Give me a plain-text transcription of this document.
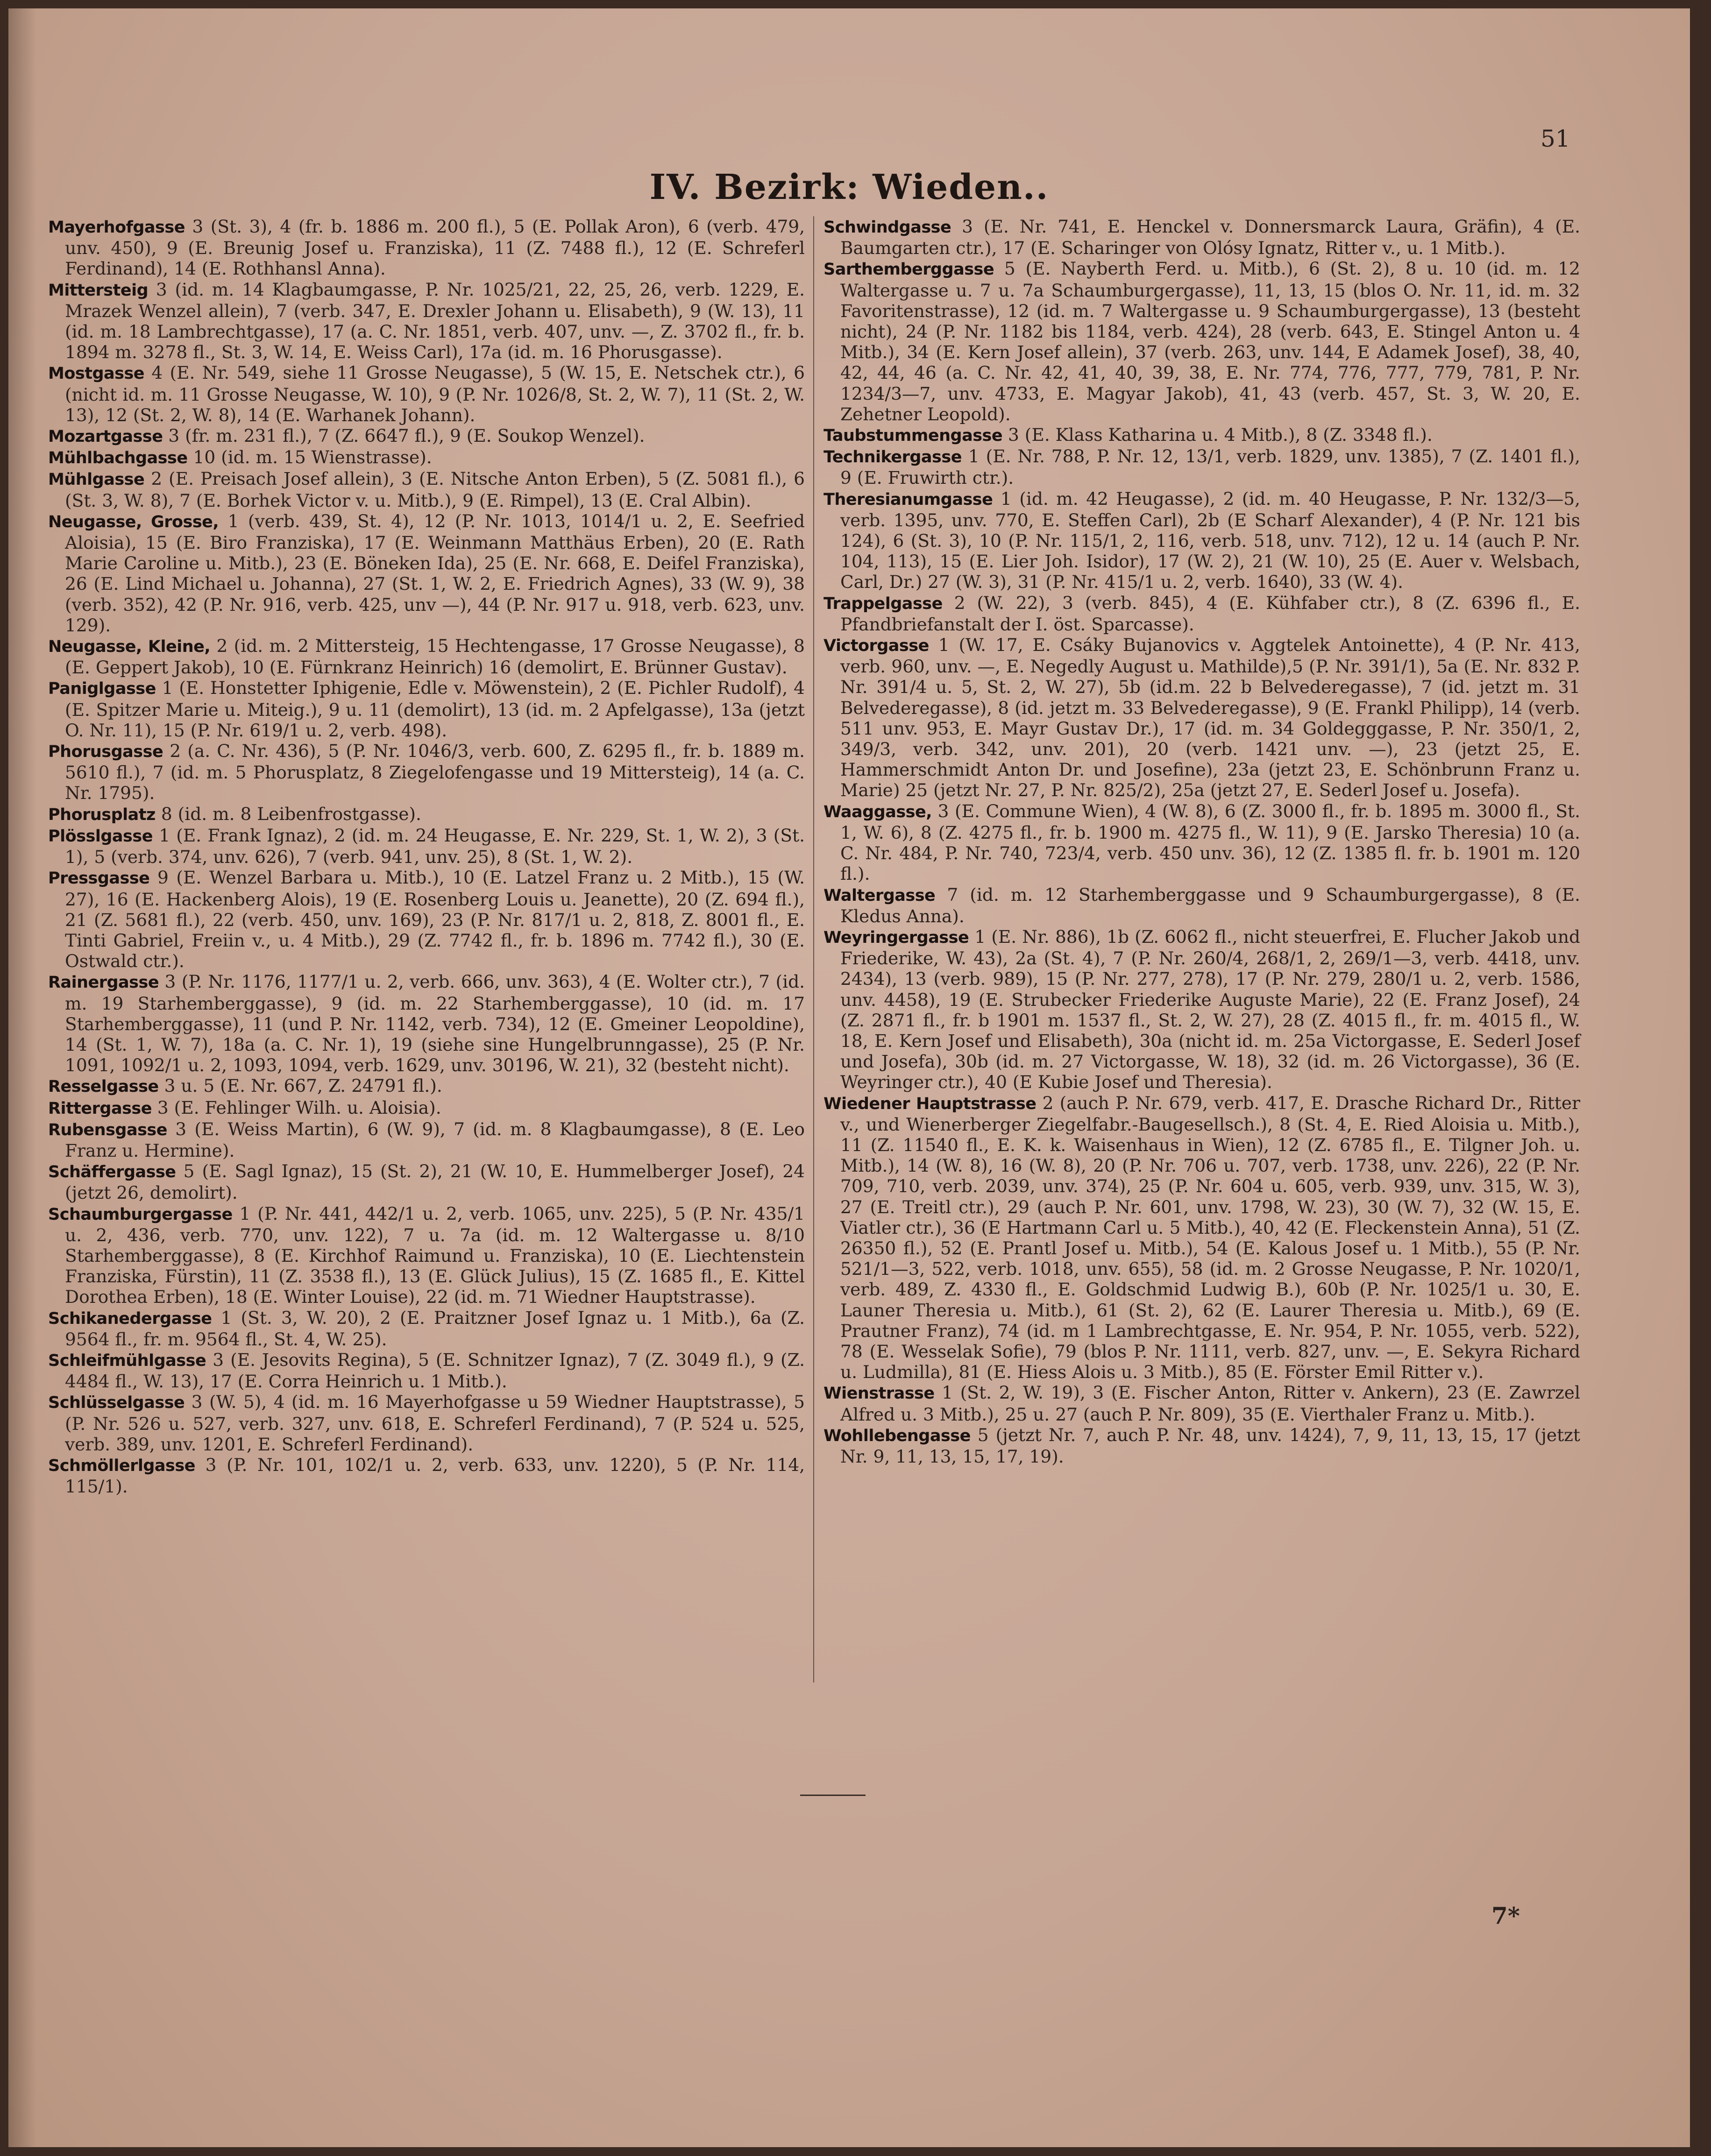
51
IV. Bezirk: Wieden..
Mayerhofgasse 3 (St. 3), 4 (fr. b. 1886 m. 200 fl.), 5 (E. Pollak Aron), 6 (verb. 479, unv. 450), 9 (E. Breunig Josef u. Franziska), 11 (Z. 7488 fl.), 12 (E. Schreferl Ferdinand), 14 (E. Rothhansl Anna).
Mittersteig 3 (id. m. 14 Klagbaumgasse, P. Nr. 1025/21, 22, 25, 26, verb. 1229, E. Mrazek Wenzel allein), 7 (verb. 347, E. Drexler Johann u. Elisabeth), 9 (W. 13), 11 (id. m. 18 Lambrechtgasse), 17 (a. C. Nr. 1851, verb. 407, unv. —, Z. 3702 fl., fr. b. 1894 m. 3278 fl., St. 3, W. 14, E. Weiss Carl), 17a (id. m. 16 Phorusgasse).
Mostgasse 4 (E. Nr. 549, siehe 11 Grosse Neugasse), 5 (W. 15, E. Netschek ctr.), 6 (nicht id. m. 11 Grosse Neugasse, W. 10), 9 (P. Nr. 1026/8, St. 2, W. 7), 11 (St. 2, W. 13), 12 (St. 2, W. 8), 14 (E. Warhanek Johann).
Mozartgasse 3 (fr. m. 231 fl.), 7 (Z. 6647 fl.), 9 (E. Soukop Wenzel).
Mühlbachgasse 10 (id. m. 15 Wienstrasse).
Mühlgasse 2 (E. Preisach Josef allein), 3 (E. Nitsche Anton Erben), 5 (Z. 5081 fl.), 6 (St. 3, W. 8), 7 (E. Borhek Victor v. u. Mitb.), 9 (E. Rimpel), 13 (E. Cral Albin).
Neugasse, Grosse, 1 (verb. 439, St. 4), 12 (P. Nr. 1013, 1014/1 u. 2, E. Seefried Aloisia), 15 (E. Biro Franziska), 17 (E. Weinmann Matthäus Erben), 20 (E. Rath Marie Caroline u. Mitb.), 23 (E. Böneken Ida), 25 (E. Nr. 668, E. Deifel Franziska), 26 (E. Lind Michael u. Johanna), 27 (St. 1, W. 2, E. Friedrich Agnes), 33 (W. 9), 38 (verb. 352), 42 (P. Nr. 916, verb. 425, unv —), 44 (P. Nr. 917 u. 918, verb. 623, unv. 129).
Neugasse, Kleine, 2 (id. m. 2 Mittersteig, 15 Hechtengasse, 17 Grosse Neugasse), 8 (E. Geppert Jakob), 10 (E. Fürnkranz Heinrich) 16 (demolirt, E. Brünner Gustav).
Paniglgasse 1 (E. Honstetter Iphigenie, Edle v. Möwenstein), 2 (E. Pichler Rudolf), 4 (E. Spitzer Marie u. Miteig.), 9 u. 11 (demolirt), 13 (id. m. 2 Apfelgasse), 13a (jetzt O. Nr. 11), 15 (P. Nr. 619/1 u. 2, verb. 498).
Phorusgasse 2 (a. C. Nr. 436), 5 (P. Nr. 1046/3, verb. 600, Z. 6295 fl., fr. b. 1889 m. 5610 fl.), 7 (id. m. 5 Phorusplatz, 8 Ziegelofengasse und 19 Mittersteig), 14 (a. C. Nr. 1795).
Phorusplatz 8 (id. m. 8 Leibenfrostgasse).
Plösslgasse 1 (E. Frank Ignaz), 2 (id. m. 24 Heugasse, E. Nr. 229, St. 1, W. 2), 3 (St. 1), 5 (verb. 374, unv. 626), 7 (verb. 941, unv. 25), 8 (St. 1, W. 2).
Pressgasse 9 (E. Wenzel Barbara u. Mitb.), 10 (E. Latzel Franz u. 2 Mitb.), 15 (W. 27), 16 (E. Hackenberg Alois), 19 (E. Rosenberg Louis u. Jeanette), 20 (Z. 694 fl.), 21 (Z. 5681 fl.), 22 (verb. 450, unv. 169), 23 (P. Nr. 817/1 u. 2, 818, Z. 8001 fl., E. Tinti Gabriel, Freiin v., u. 4 Mitb.), 29 (Z. 7742 fl., fr. b. 1896 m. 7742 fl.), 30 (E. Ostwald ctr.).
Rainergasse 3 (P. Nr. 1176, 1177/1 u. 2, verb. 666, unv. 363), 4 (E. Wolter ctr.), 7 (id. m. 19 Starhemberggasse), 9 (id. m. 22 Starhemberggasse), 10 (id. m. 17 Starhemberggasse), 11 (und P. Nr. 1142, verb. 734), 12 (E. Gmeiner Leopoldine), 14 (St. 1, W. 7), 18a (a. C. Nr. 1), 19 (siehe sine Hungelbrunngasse), 25 (P. Nr. 1091, 1092/1 u. 2, 1093, 1094, verb. 1629, unv. 30196, W. 21), 32 (besteht nicht).
Resselgasse 3 u. 5 (E. Nr. 667, Z. 24791 fl.).
Rittergasse 3 (E. Fehlinger Wilh. u. Aloisia).
Rubensgasse 3 (E. Weiss Martin), 6 (W. 9), 7 (id. m. 8 Klagbaumgasse), 8 (E. Leo Franz u. Hermine).
Schäffergasse 5 (E. Sagl Ignaz), 15 (St. 2), 21 (W. 10, E. Hummelberger Josef), 24 (jetzt 26, demolirt).
Schaumburgergasse 1 (P. Nr. 441, 442/1 u. 2, verb. 1065, unv. 225), 5 (P. Nr. 435/1 u. 2, 436, verb. 770, unv. 122), 7 u. 7a (id. m. 12 Waltergasse u. 8/10 Starhemberggasse), 8 (E. Kirchhof Raimund u. Franziska), 10 (E. Liechtenstein Franziska, Fürstin), 11 (Z. 3538 fl.), 13 (E. Glück Julius), 15 (Z. 1685 fl., E. Kittel Dorothea Erben), 18 (E. Winter Louise), 22 (id. m. 71 Wiedner Hauptstrasse).
Schikanedergasse 1 (St. 3, W. 20), 2 (E. Praitzner Josef Ignaz u. 1 Mitb.), 6a (Z. 9564 fl., fr. m. 9564 fl., St. 4, W. 25).
Schleifmühlgasse 3 (E. Jesovits Regina), 5 (E. Schnitzer Ignaz), 7 (Z. 3049 fl.), 9 (Z. 4484 fl., W. 13), 17 (E. Corra Heinrich u. 1 Mitb.).
Schlüsselgasse 3 (W. 5), 4 (id. m. 16 Mayerhofgasse u 59 Wiedner Hauptstrasse), 5 (P. Nr. 526 u. 527, verb. 327, unv. 618, E. Schreferl Ferdinand), 7 (P. 524 u. 525, verb. 389, unv. 1201, E. Schreferl Ferdinand).
Schmöllerlgasse 3 (P. Nr. 101, 102/1 u. 2, verb. 633, unv. 1220), 5 (P. Nr. 114, 115/1).
Schwindgasse 3 (E. Nr. 741, E. Henckel v. Donnersmarck Laura, Gräfin), 4 (E. Baumgarten ctr.), 17 (E. Scharinger von Olósy Ignatz, Ritter v., u. 1 Mitb.).
Sarthemberggasse 5 (E. Nayberth Ferd. u. Mitb.), 6 (St. 2), 8 u. 10 (id. m. 12 Waltergasse u. 7 u. 7a Schaumburgergasse), 11, 13, 15 (blos O. Nr. 11, id. m. 32 Favoritenstrasse), 12 (id. m. 7 Waltergasse u. 9 Schaumburgergasse), 13 (besteht nicht), 24 (P. Nr. 1182 bis 1184, verb. 424), 28 (verb. 643, E. Stingel Anton u. 4 Mitb.), 34 (E. Kern Josef allein), 37 (verb. 263, unv. 144, E Adamek Josef), 38, 40, 42, 44, 46 (a. C. Nr. 42, 41, 40, 39, 38, E. Nr. 774, 776, 777, 779, 781, P. Nr. 1234/3—7, unv. 4733, E. Magyar Jakob), 41, 43 (verb. 457, St. 3, W. 20, E. Zehetner Leopold).
Taubstummengasse 3 (E. Klass Katharina u. 4 Mitb.), 8 (Z. 3348 fl.).
Technikergasse 1 (E. Nr. 788, P. Nr. 12, 13/1, verb. 1829, unv. 1385), 7 (Z. 1401 fl.), 9 (E. Fruwirth ctr.).
Theresianumgasse 1 (id. m. 42 Heugasse), 2 (id. m. 40 Heugasse, P. Nr. 132/3—5, verb. 1395, unv. 770, E. Steffen Carl), 2b (E Scharf Alexander), 4 (P. Nr. 121 bis 124), 6 (St. 3), 10 (P. Nr. 115/1, 2, 116, verb. 518, unv. 712), 12 u. 14 (auch P. Nr. 104, 113), 15 (E. Lier Joh. Isidor), 17 (W. 2), 21 (W. 10), 25 (E. Auer v. Welsbach, Carl, Dr.) 27 (W. 3), 31 (P. Nr. 415/1 u. 2, verb. 1640), 33 (W. 4).
Trappelgasse 2 (W. 22), 3 (verb. 845), 4 (E. Kühfaber ctr.), 8 (Z. 6396 fl., E. Pfandbriefanstalt der I. öst. Sparcasse).
Victorgasse 1 (W. 17, E. Csáky Bujanovics v. Aggtelek Antoinette), 4 (P. Nr. 413, verb. 960, unv. —, E. Negedly August u. Mathilde),5 (P. Nr. 391/1), 5a (E. Nr. 832 P. Nr. 391/4 u. 5, St. 2, W. 27), 5b (id.m. 22 b Belvederegasse), 7 (id. jetzt m. 31 Belvederegasse), 8 (id. jetzt m. 33 Belvederegasse), 9 (E. Frankl Philipp), 14 (verb. 511 unv. 953, E. Mayr Gustav Dr.), 17 (id. m. 34 Goldegggasse, P. Nr. 350/1, 2, 349/3, verb. 342, unv. 201), 20 (verb. 1421 unv. —), 23 (jetzt 25, E. Hammerschmidt Anton Dr. und Josefine), 23a (jetzt 23, E. Schönbrunn Franz u. Marie) 25 (jetzt Nr. 27, P. Nr. 825/2), 25a (jetzt 27, E. Sederl Josef u. Josefa).
Waaggasse, 3 (E. Commune Wien), 4 (W. 8), 6 (Z. 3000 fl., fr. b. 1895 m. 3000 fl., St. 1, W. 6), 8 (Z. 4275 fl., fr. b. 1900 m. 4275 fl., W. 11), 9 (E. Jarsko Theresia) 10 (a. C. Nr. 484, P. Nr. 740, 723/4, verb. 450 unv. 36), 12 (Z. 1385 fl. fr. b. 1901 m. 120 fl.).
Waltergasse 7 (id. m. 12 Starhemberggasse und 9 Schaumburgergasse), 8 (E. Kledus Anna).
Weyringergasse 1 (E. Nr. 886), 1b (Z. 6062 fl., nicht steuerfrei, E. Flucher Jakob und Friederike, W. 43), 2a (St. 4), 7 (P. Nr. 260/4, 268/1, 2, 269/1—3, verb. 4418, unv. 2434), 13 (verb. 989), 15 (P. Nr. 277, 278), 17 (P. Nr. 279, 280/1 u. 2, verb. 1586, unv. 4458), 19 (E. Strubecker Friederike Auguste Marie), 22 (E. Franz Josef), 24 (Z. 2871 fl., fr. b 1901 m. 1537 fl., St. 2, W. 27), 28 (Z. 4015 fl., fr. m. 4015 fl., W. 18, E. Kern Josef und Elisabeth), 30a (nicht id. m. 25a Victorgasse, E. Sederl Josef und Josefa), 30b (id. m. 27 Victorgasse, W. 18), 32 (id. m. 26 Victorgasse), 36 (E. Weyringer ctr.), 40 (E Kubie Josef und Theresia).
Wiedener Hauptstrasse 2 (auch P. Nr. 679, verb. 417, E. Drasche Richard Dr., Ritter v., und Wienerberger Ziegelfabr.-Baugesellsch.), 8 (St. 4, E. Ried Aloisia u. Mitb.), 11 (Z. 11540 fl., E. K. k. Waisenhaus in Wien), 12 (Z. 6785 fl., E. Tilgner Joh. u. Mitb.), 14 (W. 8), 16 (W. 8), 20 (P. Nr. 706 u. 707, verb. 1738, unv. 226), 22 (P. Nr. 709, 710, verb. 2039, unv. 374), 25 (P. Nr. 604 u. 605, verb. 939, unv. 315, W. 3), 27 (E. Treitl ctr.), 29 (auch P. Nr. 601, unv. 1798, W. 23), 30 (W. 7), 32 (W. 15, E. Viatler ctr.), 36 (E Hartmann Carl u. 5 Mitb.), 40, 42 (E. Fleckenstein Anna), 51 (Z. 26350 fl.), 52 (E. Prantl Josef u. Mitb.), 54 (E. Kalous Josef u. 1 Mitb.), 55 (P. Nr. 521/1—3, 522, verb. 1018, unv. 655), 58 (id. m. 2 Grosse Neugasse, P. Nr. 1020/1, verb. 489, Z. 4330 fl., E. Goldschmid Ludwig B.), 60b (P. Nr. 1025/1 u. 30, E. Launer Theresia u. Mitb.), 61 (St. 2), 62 (E. Laurer Theresia u. Mitb.), 69 (E. Prautner Franz), 74 (id. m 1 Lambrechtgasse, E. Nr. 954, P. Nr. 1055, verb. 522), 78 (E. Wesselak Sofie), 79 (blos P. Nr. 1111, verb. 827, unv. —, E. Sekyra Richard u. Ludmilla), 81 (E. Hiess Alois u. 3 Mitb.), 85 (E. Förster Emil Ritter v.).
Wienstrasse 1 (St. 2, W. 19), 3 (E. Fischer Anton, Ritter v. Ankern), 23 (E. Zawrzel Alfred u. 3 Mitb.), 25 u. 27 (auch P. Nr. 809), 35 (E. Vierthaler Franz u. Mitb.).
Wohllebengasse 5 (jetzt Nr. 7, auch P. Nr. 48, unv. 1424), 7, 9, 11, 13, 15, 17 (jetzt Nr. 9, 11, 13, 15, 17, 19).
7*
